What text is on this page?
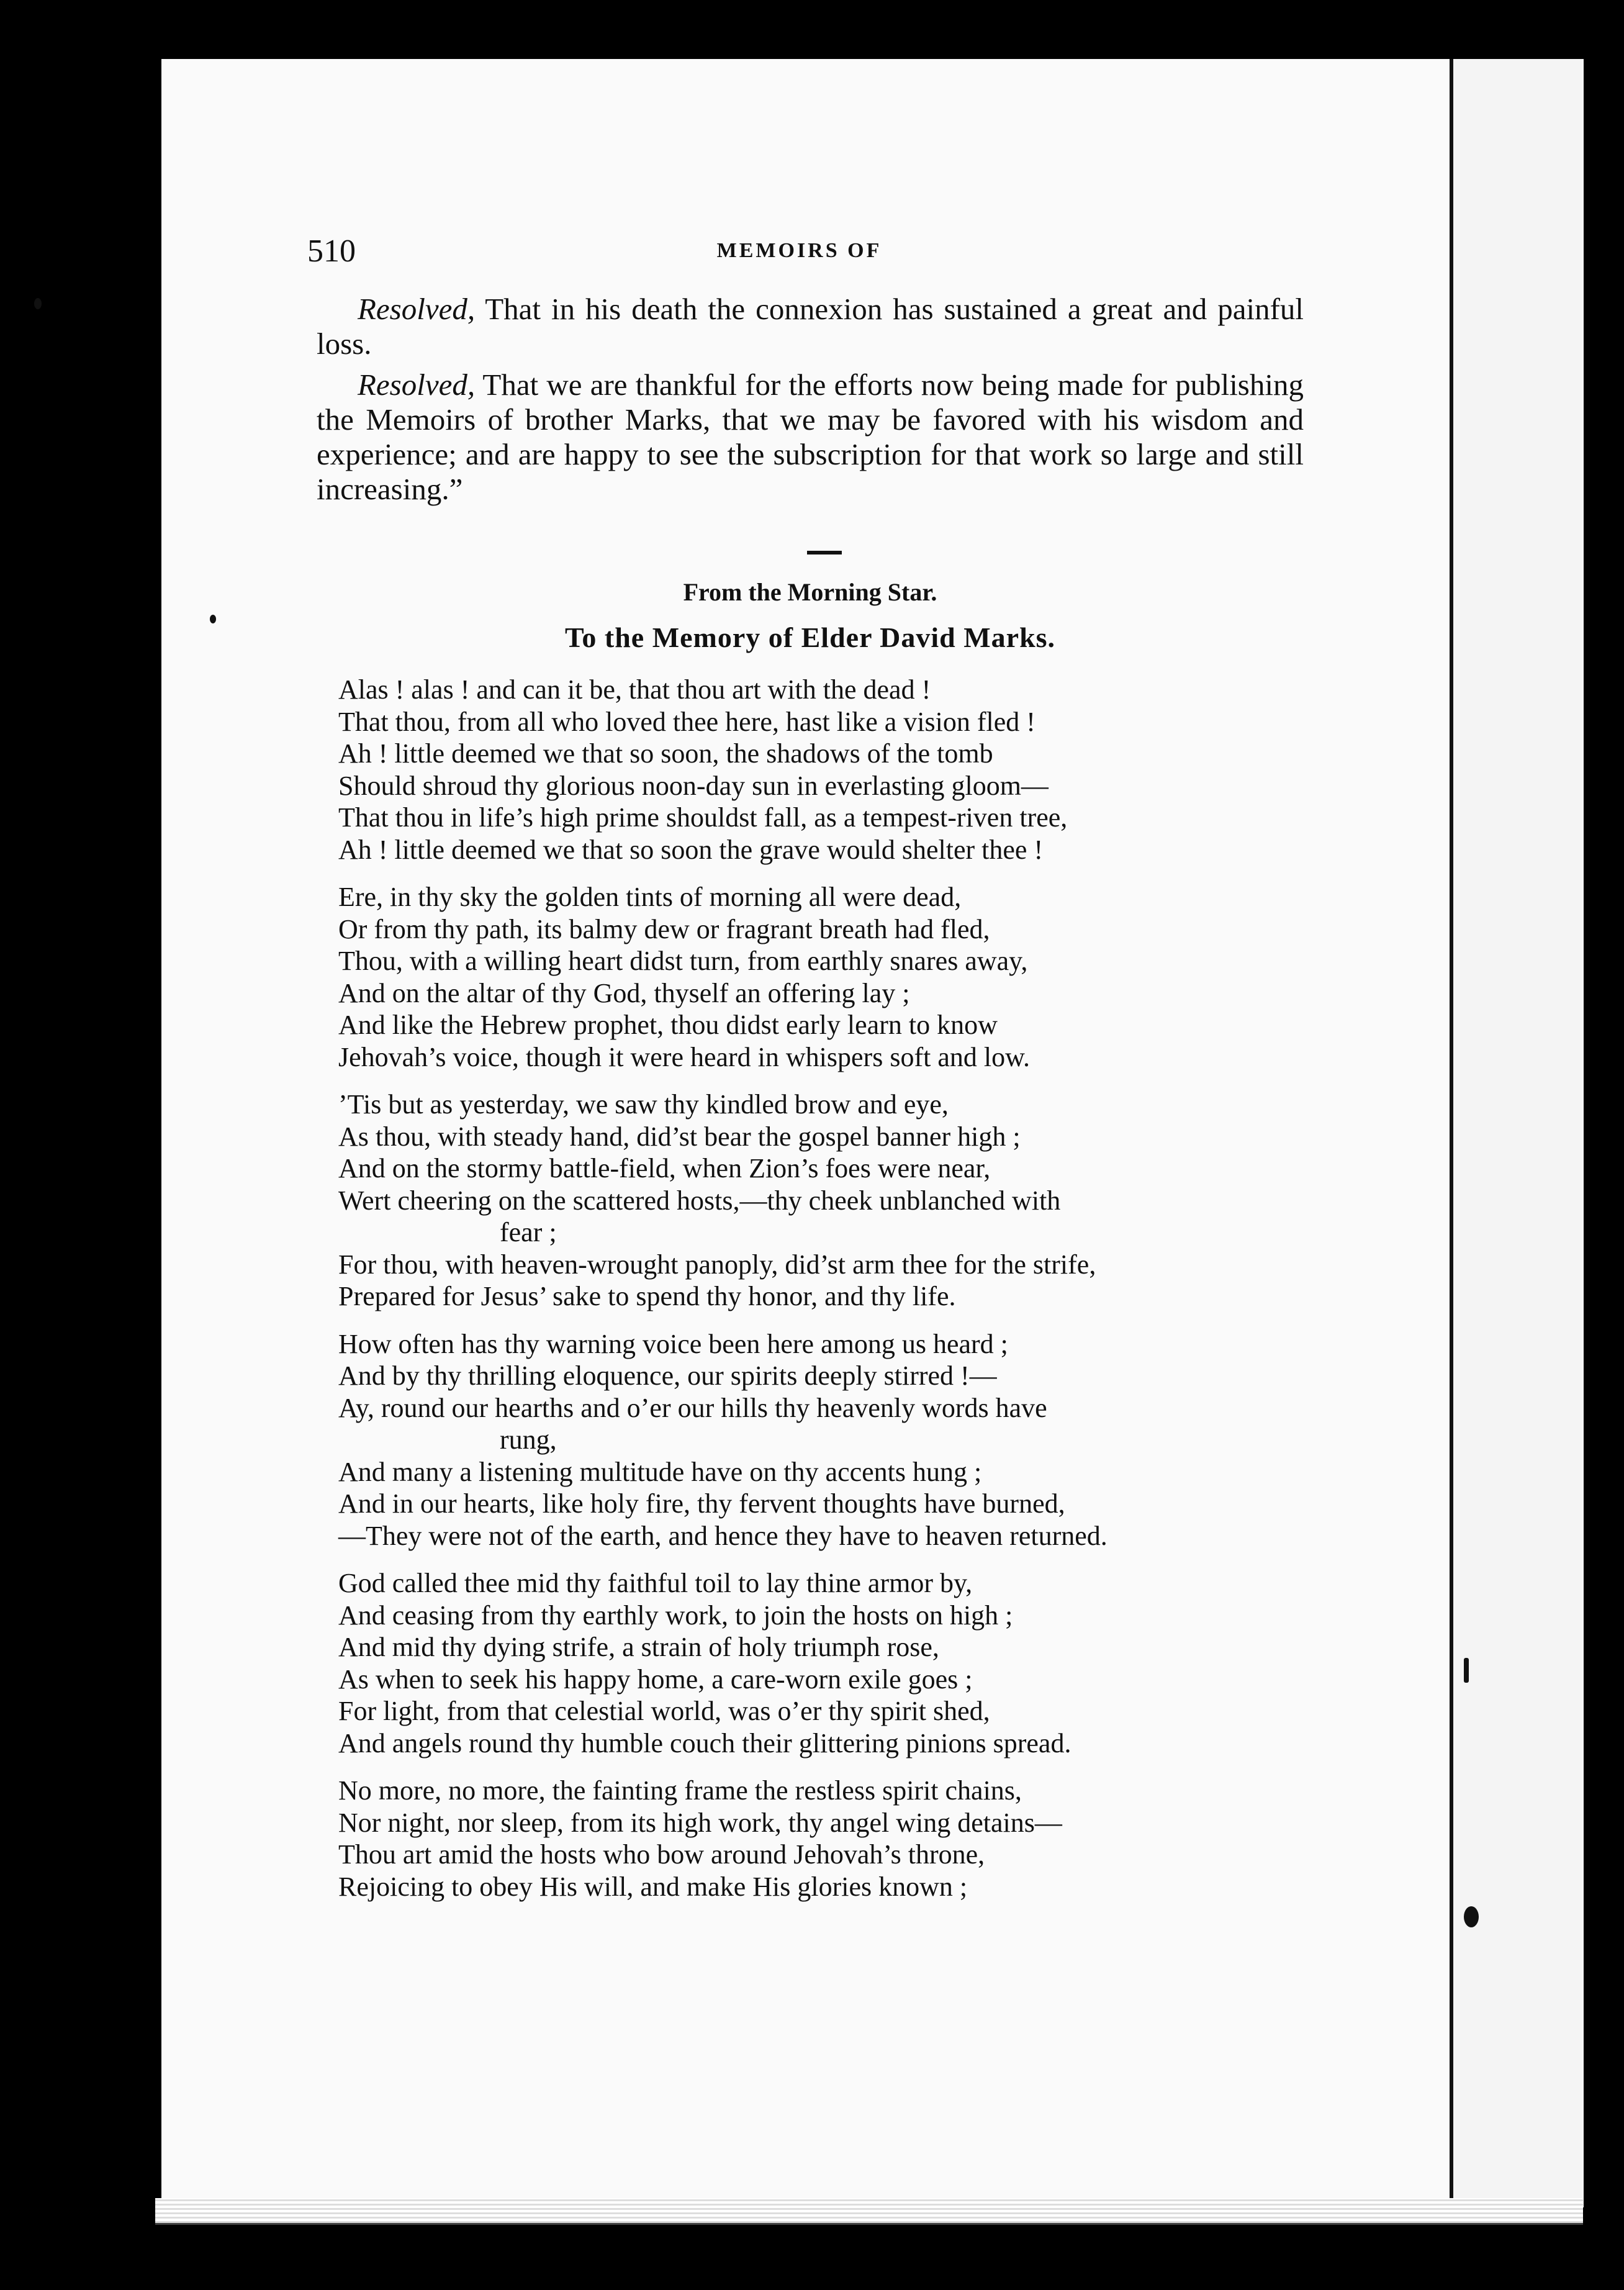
510	MEMOIRS OF

Resolved, That in his death the connexion has sustained a great and painful loss.

Resolved, That we are thankful for the efforts now being made for publishing the Memoirs of brother Marks, that we may be favored with his wisdom and experience; and are happy to see the subscription for that work so large and still increasing.”

From the Morning Star.
To the Memory of Elder David Marks.
Alas ! alas ! and can it be, that thou art with the dead !
That thou, from all who loved thee here, hast like a vision fled !
Ah ! little deemed we that so soon, the shadows of the tomb
Should shroud thy glorious noon-day sun in everlasting gloom—
That thou in life’s high prime shouldst fall, as a tempest-riven tree,
Ah ! little deemed we that so soon the grave would shelter thee !
Ere, in thy sky the golden tints of morning all were dead,
Or from thy path, its balmy dew or fragrant breath had fled,
Thou, with a willing heart didst turn, from earthly snares away,
And on the altar of thy God, thyself an offering lay ;
And like the Hebrew prophet, thou didst early learn to know
Jehovah’s voice, though it were heard in whispers soft and low.
’Tis but as yesterday, we saw thy kindled brow and eye,
As thou, with steady hand, did’st bear the gospel banner high ;
And on the stormy battle-field, when Zion’s foes were near,
Wert cheering on the scattered hosts,—thy cheek unblanched with
fear ;
For thou, with heaven-wrought panoply, did’st arm thee for the strife,
Prepared for Jesus’ sake to spend thy honor, and thy life.
How often has thy warning voice been here among us heard ;
And by thy thrilling eloquence, our spirits deeply stirred !—
Ay, round our hearths and o’er our hills thy heavenly words have
rung,
And many a listening multitude have on thy accents hung ;
And in our hearts, like holy fire, thy fervent thoughts have burned,
—They were not of the earth, and hence they have to heaven returned.
God called thee mid thy faithful toil to lay thine armor by,
And ceasing from thy earthly work, to join the hosts on high ;
And mid thy dying strife, a strain of holy triumph rose,
As when to seek his happy home, a care-worn exile goes ;
For light, from that celestial world, was o’er thy spirit shed,
And angels round thy humble couch their glittering pinions spread.
No more, no more, the fainting frame the restless spirit chains,
Nor night, nor sleep, from its high work, thy angel wing detains—
Thou art amid the hosts who bow around Jehovah’s throne,
Rejoicing to obey His will, and make His glories known ;
